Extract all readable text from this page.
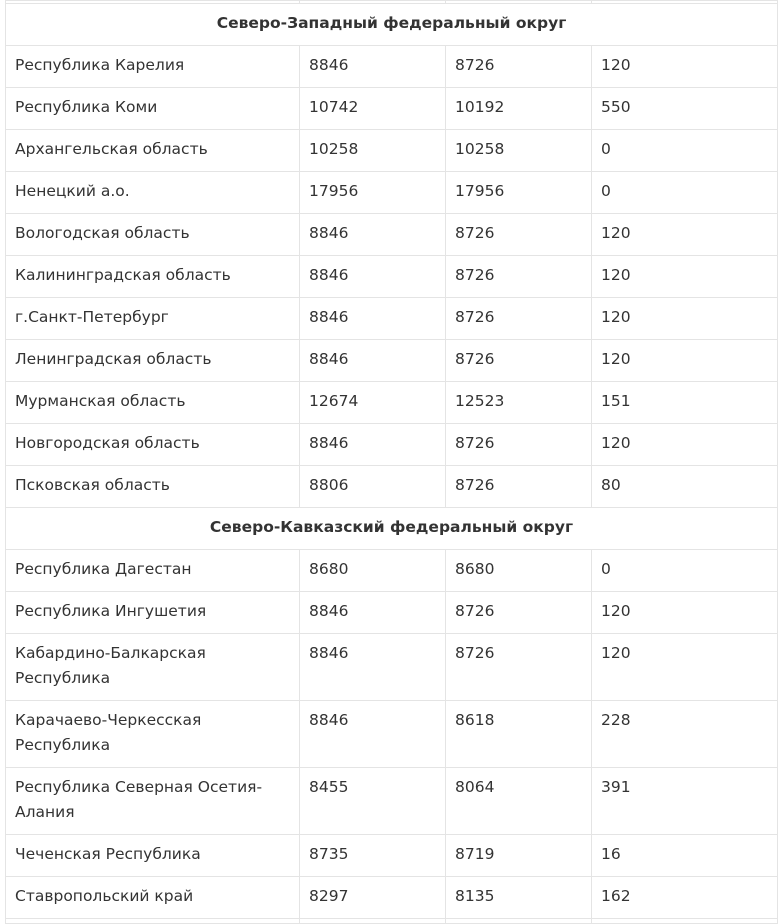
Северо-Западный федеральный округ			
Республика Карелия	8846	8726	120
Республика Коми	10742	10192	550
Архангельская область	10258	10258	0
Ненецкий а.о.	17956	17956	0
Вологодская область	8846	8726	120
Калининградская область	8846	8726	120
г.Санкт-Петербург	8846	8726	120
Ленинградская область	8846	8726	120
Мурманская область	12674	12523	151
Новгородская область	8846	8726	120
Псковская область	8806	8726	80
Северо-Кавказский федеральный округ			
Республика Дагестан	8680	8680	0
Республика Ингушетия	8846	8726	120
Кабардино-Балкарская Республика	8846	8726	120
Карачаево-Черкесская Республика	8846	8618	228
Республика Северная Осетия-Алания	8455	8064	391
Чеченская Республика	8735	8719	16
Ставропольский край	8297	8135	162
